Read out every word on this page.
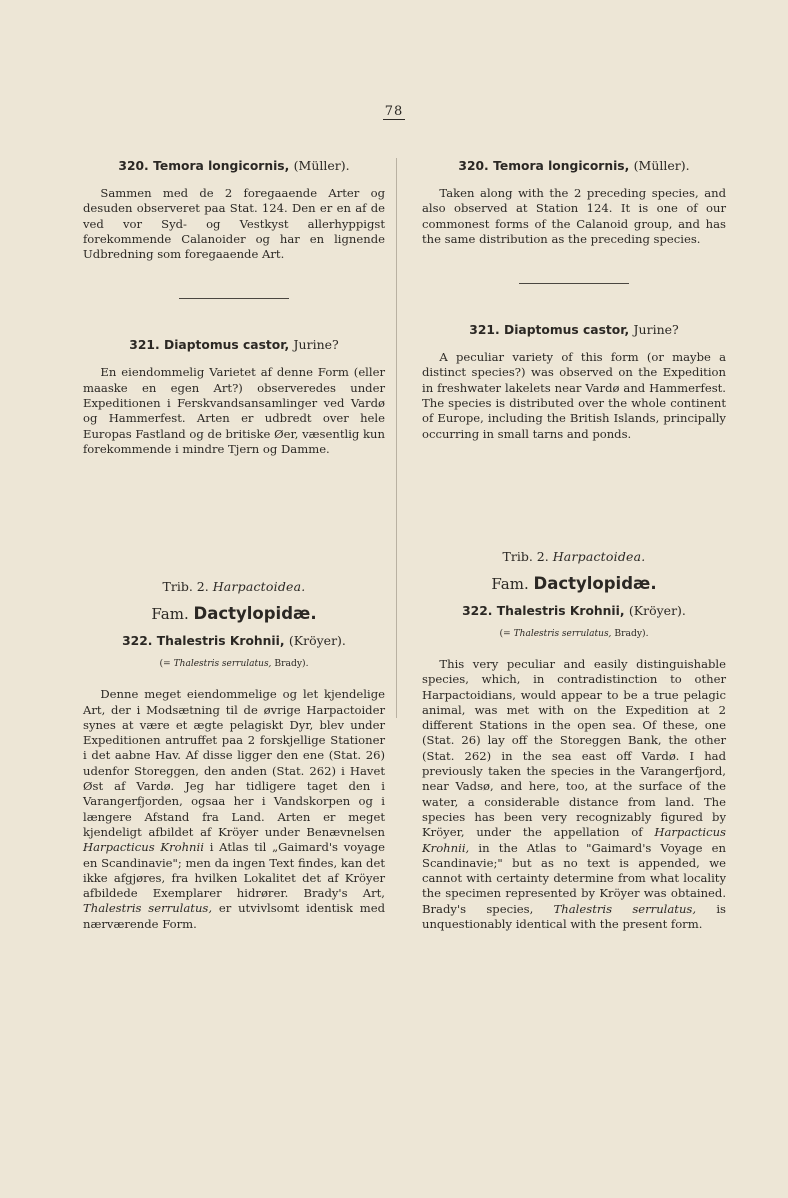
78
320. Temora longicornis, (Müller).

Sammen med de 2 foregaaende Arter og desuden observeret paa Stat. 124. Den er en af de ved vor Syd- og Vestkyst allerhyppigst forekommende Calanoider og har en lignende Udbredning som foregaaende Art.

321. Diaptomus castor, Jurine?

En eiendommelig Varietet af denne Form (eller maaske en egen Art?) observeredes under Expeditionen i Ferskvandsansamlinger ved Vardø og Hammerfest. Arten er udbredt over hele Europas Fastland og de britiske Øer, væsentlig kun forekommende i mindre Tjern og Damme.

Trib. 2. Harpactoidea.

Fam. Dactylopidæ.

322. Thalestris Krohnii, (Kröyer).

(= Thalestris serrulatus, Brady).

Denne meget eiendommelige og let kjendelige Art, der i Modsætning til de øvrige Harpactoider synes at være et ægte pelagiskt Dyr, blev under Expeditionen antruffet paa 2 forskjellige Stationer i det aabne Hav. Af disse ligger den ene (Stat. 26) udenfor Storeggen, den anden (Stat. 262) i Havet Øst af Vardø. Jeg har tidligere taget den i Varangerfjorden, ogsaa her i Vandskorpen og i længere Afstand fra Land. Arten er meget kjendeligt afbildet af Kröyer under Benævnelsen Harpacticus Krohnii i Atlas til „Gaimard's voyage en Scandinavie"; men da ingen Text findes, kan det ikke afgjøres, fra hvilken Lokalitet det af Kröyer afbildede Exemplarer hidrører. Brady's Art, Thalestris serrulatus, er utvivlsomt identisk med nærværende Form.

320. Temora longicornis, (Müller).

Taken along with the 2 preceding species, and also observed at Station 124. It is one of our commonest forms of the Calanoid group, and has the same distribution as the preceding species.

321. Diaptomus castor, Jurine?

A peculiar variety of this form (or maybe a distinct species?) was observed on the Expedition in freshwater lakelets near Vardø and Hammerfest. The species is distributed over the whole continent of Europe, including the British Islands, principally occurring in small tarns and ponds.

Trib. 2. Harpactoidea.

Fam. Dactylopidæ.

322. Thalestris Krohnii, (Kröyer).

(= Thalestris serrulatus, Brady).

This very peculiar and easily distinguishable species, which, in contradistinction to other Harpactoidians, would appear to be a true pelagic animal, was met with on the Expedition at 2 different Stations in the open sea. Of these, one (Stat. 26) lay off the Storeggen Bank, the other (Stat. 262) in the sea east off Vardø. I had previously taken the species in the Varangerfjord, near Vadsø, and here, too, at the surface of the water, a considerable distance from land. The species has been very recognizably figured by Kröyer, under the appellation of Harpacticus Krohnii, in the Atlas to "Gaimard's Voyage en Scandinavie;" but as no text is appended, we cannot with certainty determine from what locality the specimen represented by Kröyer was obtained. Brady's species, Thalestris serrulatus, is unquestionably identical with the present form.
